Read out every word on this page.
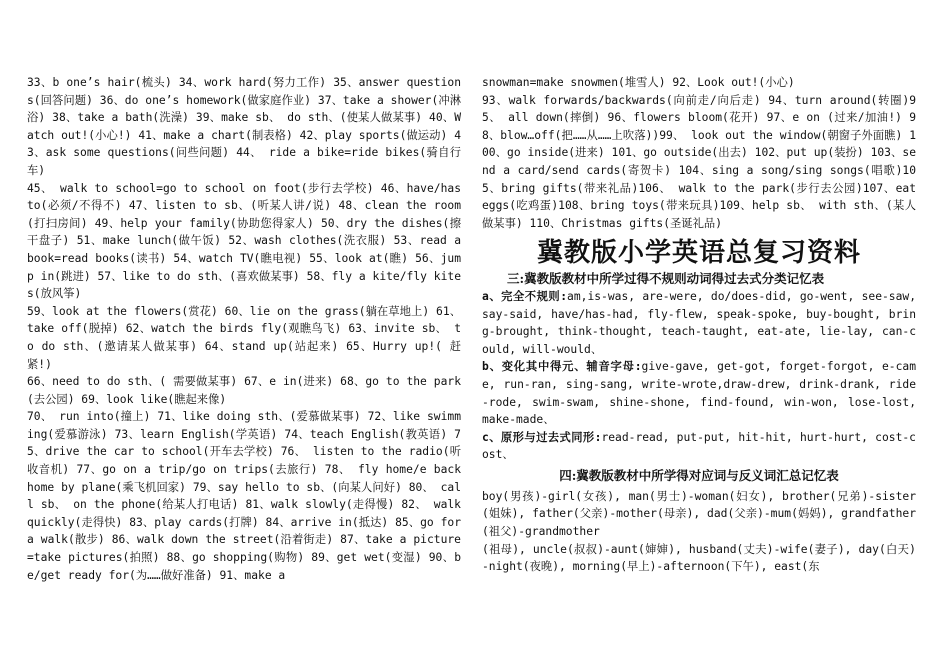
33、b one’s hair(梳头) 34、work hard(努力工作) 35、answer questions(回答问题) 36、do one’s homework(做家庭作业) 37、take a shower(冲淋浴) 38、take a bath(洗澡) 39、make sb、 do sth、(使某人做某事) 40、Watch out!(小心!) 41、make a chart(制表格) 42、play sports(做运动) 43、ask some questions(问些问题) 44、 ride a bike=ride bikes(骑自行车)

45、 walk to school=go to school on foot(步行去学校) 46、have/has to(必须/不得不) 47、listen to sb、(听某人讲/说) 48、clean the room(打扫房间) 49、help your family(协助您得家人) 50、dry the dishes(擦干盘子) 51、make lunch(做午饭) 52、wash clothes(洗衣服) 53、read a book=read books(读书) 54、watch TV(瞧电视) 55、look at(瞧) 56、jump in(跳进) 57、like to do sth、(喜欢做某事) 58、fly a kite/fly kites(放风筝)

59、look at the flowers(赏花) 60、lie on the grass(躺在草地上) 61、take off(脱掉) 62、watch the birds fly(观瞧鸟飞) 63、invite sb、 to do sth、(邀请某人做某事) 64、stand up(站起来) 65、Hurry up!( 赶紧!)

66、need to do sth、( 需要做某事) 67、e in(进来) 68、go to the park(去公园) 69、look like(瞧起来像)

70、 run into(撞上) 71、like doing sth、(爱慕做某事) 72、like swimming(爱慕游泳) 73、learn English(学英语) 74、teach English(教英语) 75、drive the car to school(开车去学校) 76、 listen to the radio(听收音机) 77、go on a trip/go on trips(去旅行) 78、 fly home/e back home by plane(乘飞机回家) 79、say hello to sb、(向某人问好) 80、 call sb、 on the phone(给某人打电话) 81、walk slowly(走得慢) 82、 walk quickly(走得快) 83、play cards(打牌) 84、arrive in(抵达) 85、go for a walk(散步) 86、walk down the street(沿着街走) 87、take a picture=take pictures(拍照) 88、go shopping(购物) 89、get wet(变湿) 90、be/get ready for(为……做好准备) 91、make a

snowman=make snowmen(堆雪人) 92、Look out!(小心)

93、walk forwards/backwards(向前走/向后走) 94、turn around(转圈)95、 all down(摔倒) 96、flowers bloom(花开) 97、e on (过来/加油!) 98、blow…off(把……从……上吹落))99、 look out the window(朝窗子外面瞧) 100、go inside(进来) 101、go outside(出去) 102、put up(装扮) 103、send a card/send cards(寄贺卡) 104、sing a song/sing songs(唱歌)105、bring gifts(带来礼品)106、 walk to the park(步行去公园)107、eat eggs(吃鸡蛋)108、bring toys(带来玩具)109、help sb、 with sth、(某人做某事) 110、Christmas gifts(圣诞礼品)

冀教版小学英语总复习资料

三:冀教版教材中所学过得不规则动词得过去式分类记忆表

a、完全不规则:am,is-was, are-were, do/does-did, go-went, see-saw, say-said, have/has-had, fly-flew, speak-spoke, buy-bought, bring-brought, think-thought, teach-taught, eat-ate, lie-lay, can-could, will-would、

b、变化其中得元、辅音字母:give-gave, get-got, forget-forgot, e-came, run-ran, sing-sang, write-wrote,draw-drew, drink-drank, ride-rode, swim-swam, shine-shone, find-found, win-won, lose-lost, make-made、

c、原形与过去式同形:read-read, put-put, hit-hit, hurt-hurt, cost-cost、

四:冀教版教材中所学得对应词与反义词汇总记忆表

boy(男孩)-girl(女孩), man(男士)-woman(妇女), brother(兄弟)-sister(姐妹), father(父亲)-mother(母亲), dad(父亲)-mum(妈妈), grandfather(祖父)-grandmother

(祖母), uncle(叔叔)-aunt(婶婶), husband(丈夫)-wife(妻子), day(白天)-night(夜晚), morning(早上)-afternoon(下午), east(东
